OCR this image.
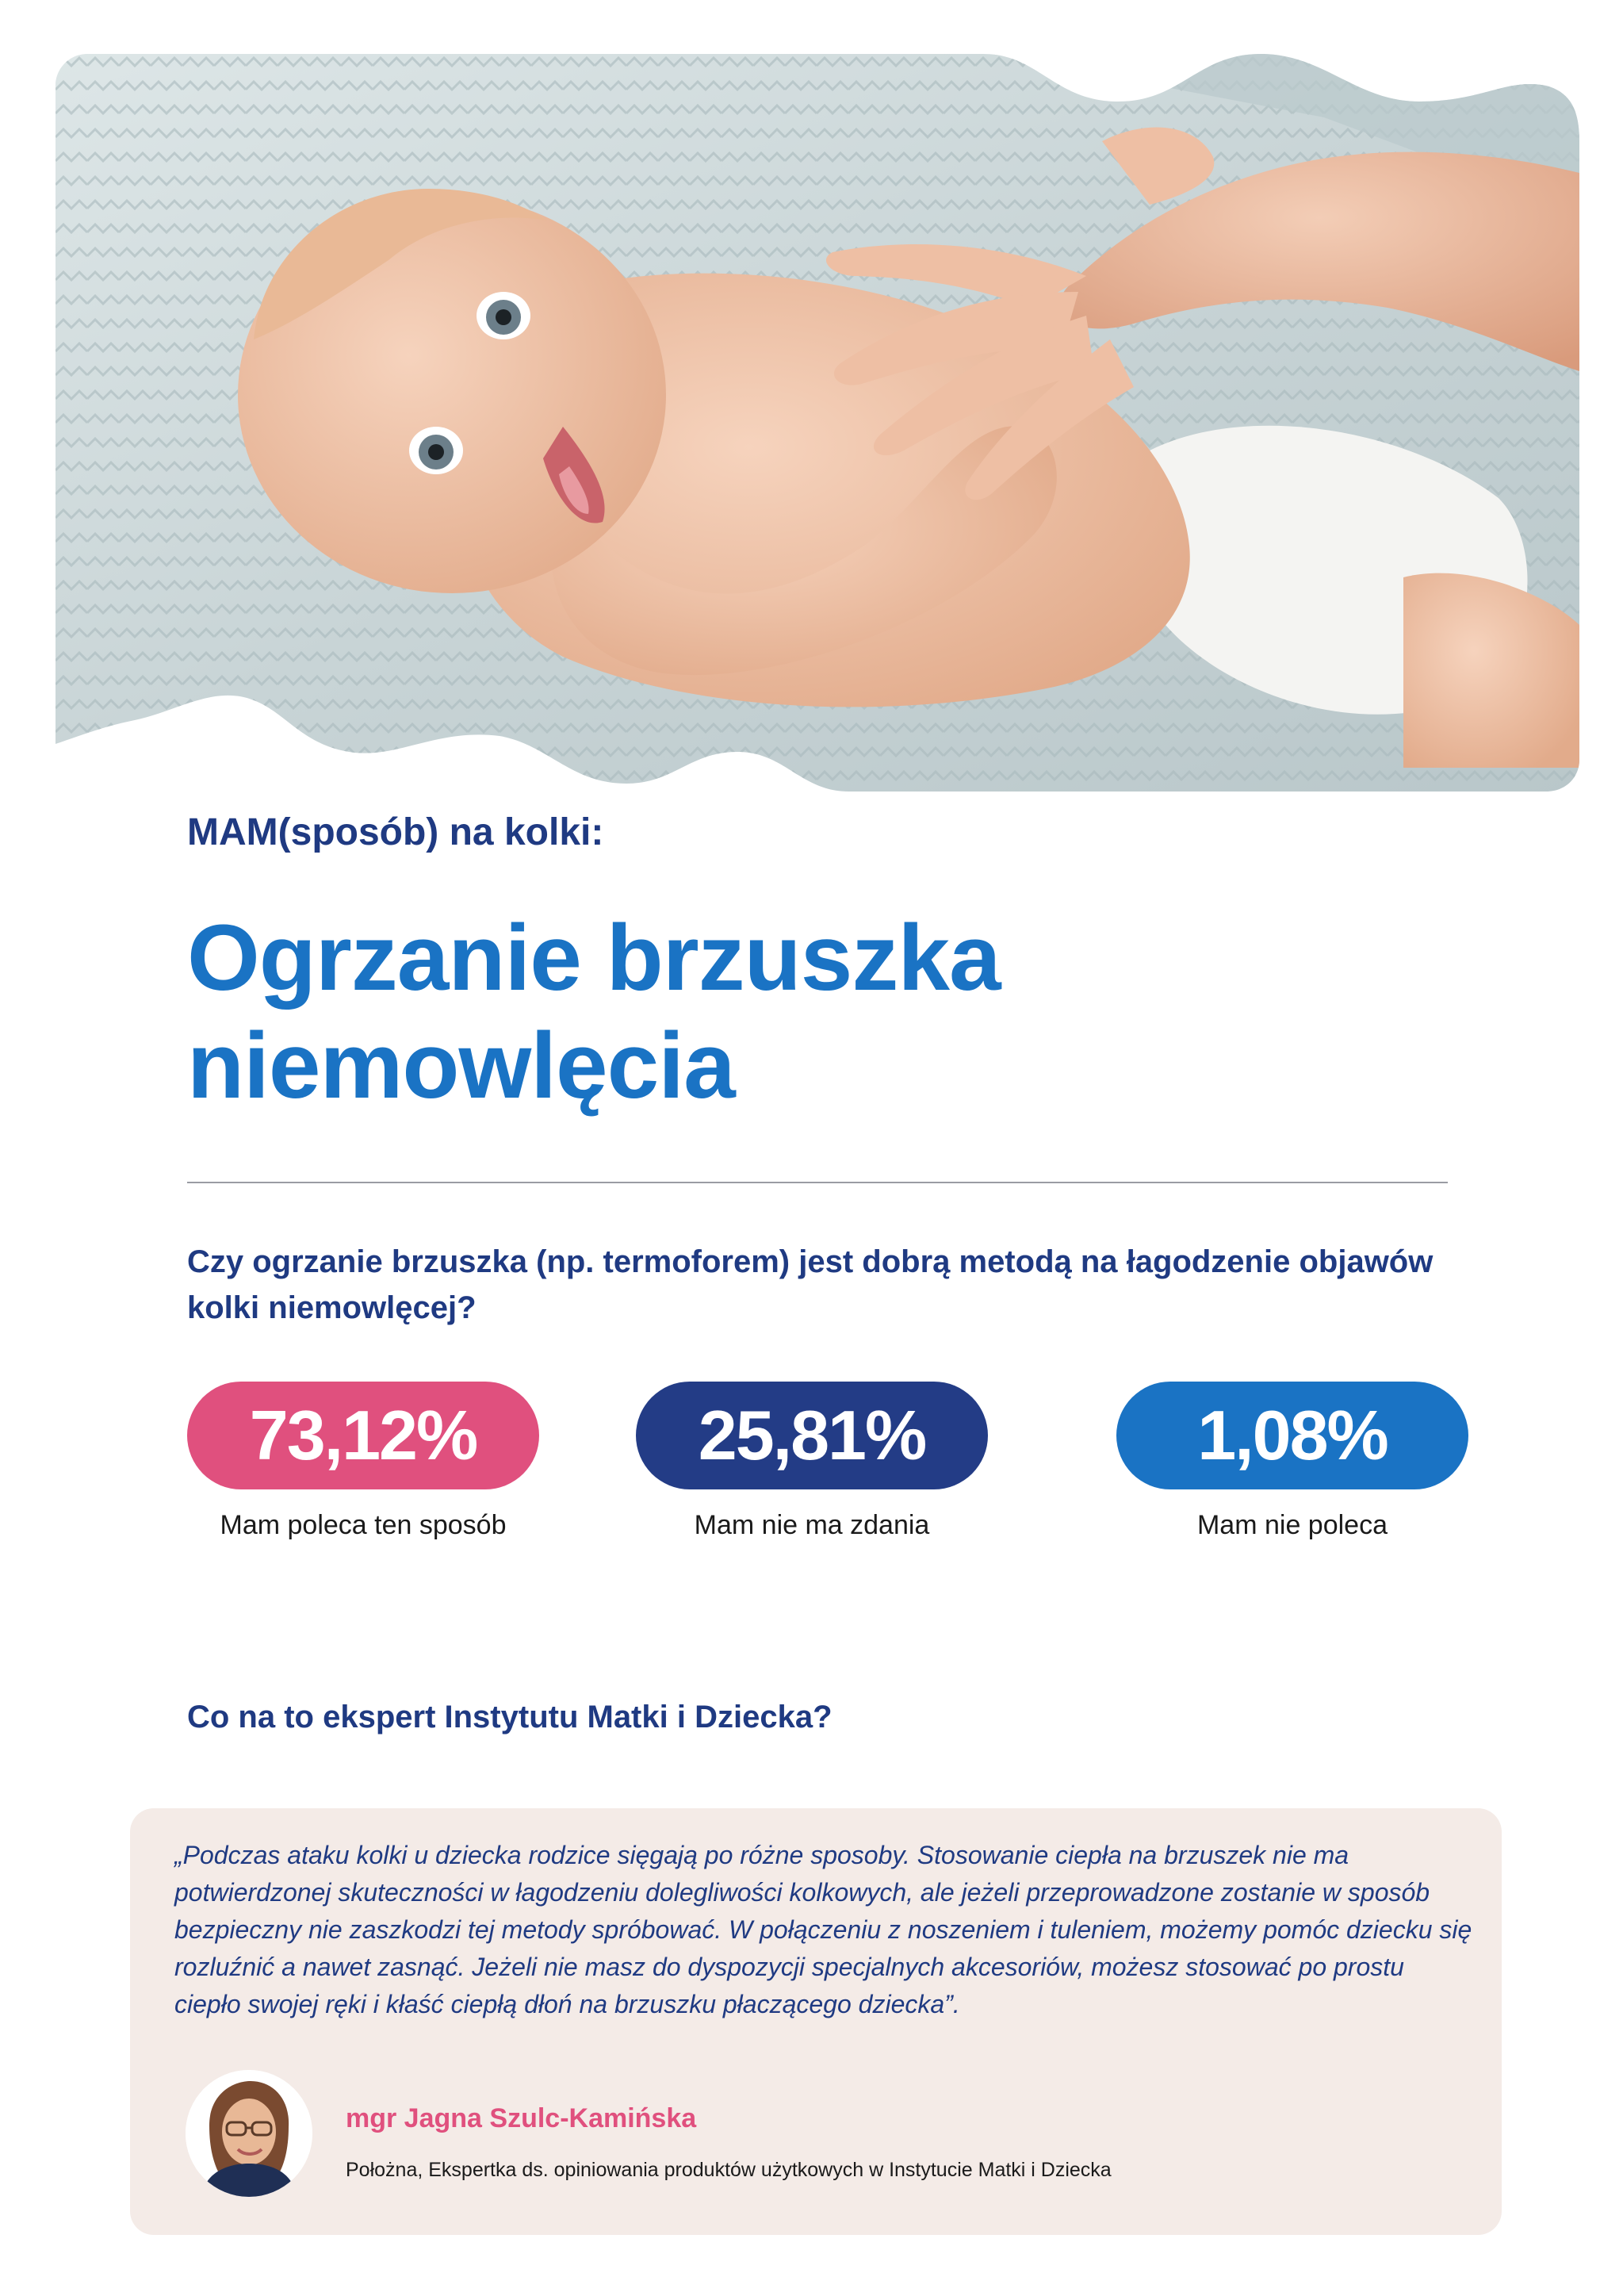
MAM(sposób) na kolki:

Ogrzanie brzuszka niemowlęcia

Czy ogrzanie brzuszka (np. termoforem) jest dobrą metodą na łagodzenie objawów kolki niemowlęcej?

73,12%
Mam poleca ten sposób
25,81%
Mam nie ma zdania
1,08%
Mam nie poleca

Co na to ekspert Instytutu Matki i Dziecka?

„Podczas ataku kolki u dziecka rodzice sięgają po różne sposoby. Stosowanie ciepła na brzuszek nie ma potwierdzonej skuteczności w łagodzeniu dolegliwości kolkowych, ale jeżeli przeprowadzone zostanie w sposób bezpieczny nie zaszkodzi tej metody spróbować. W połączeniu z noszeniem i tuleniem, możemy pomóc dziecku się rozluźnić a nawet zasnąć. Jeżeli nie masz do dyspozycji specjalnych akcesoriów, możesz stosować po prostu ciepło swojej ręki i kłaść ciepłą dłoń na brzuszku płaczącego dziecka”.

mgr Jagna Szulc-Kamińska

Położna, Ekspertka ds. opiniowania produktów użytkowych w Instytucie Matki i Dziecka
